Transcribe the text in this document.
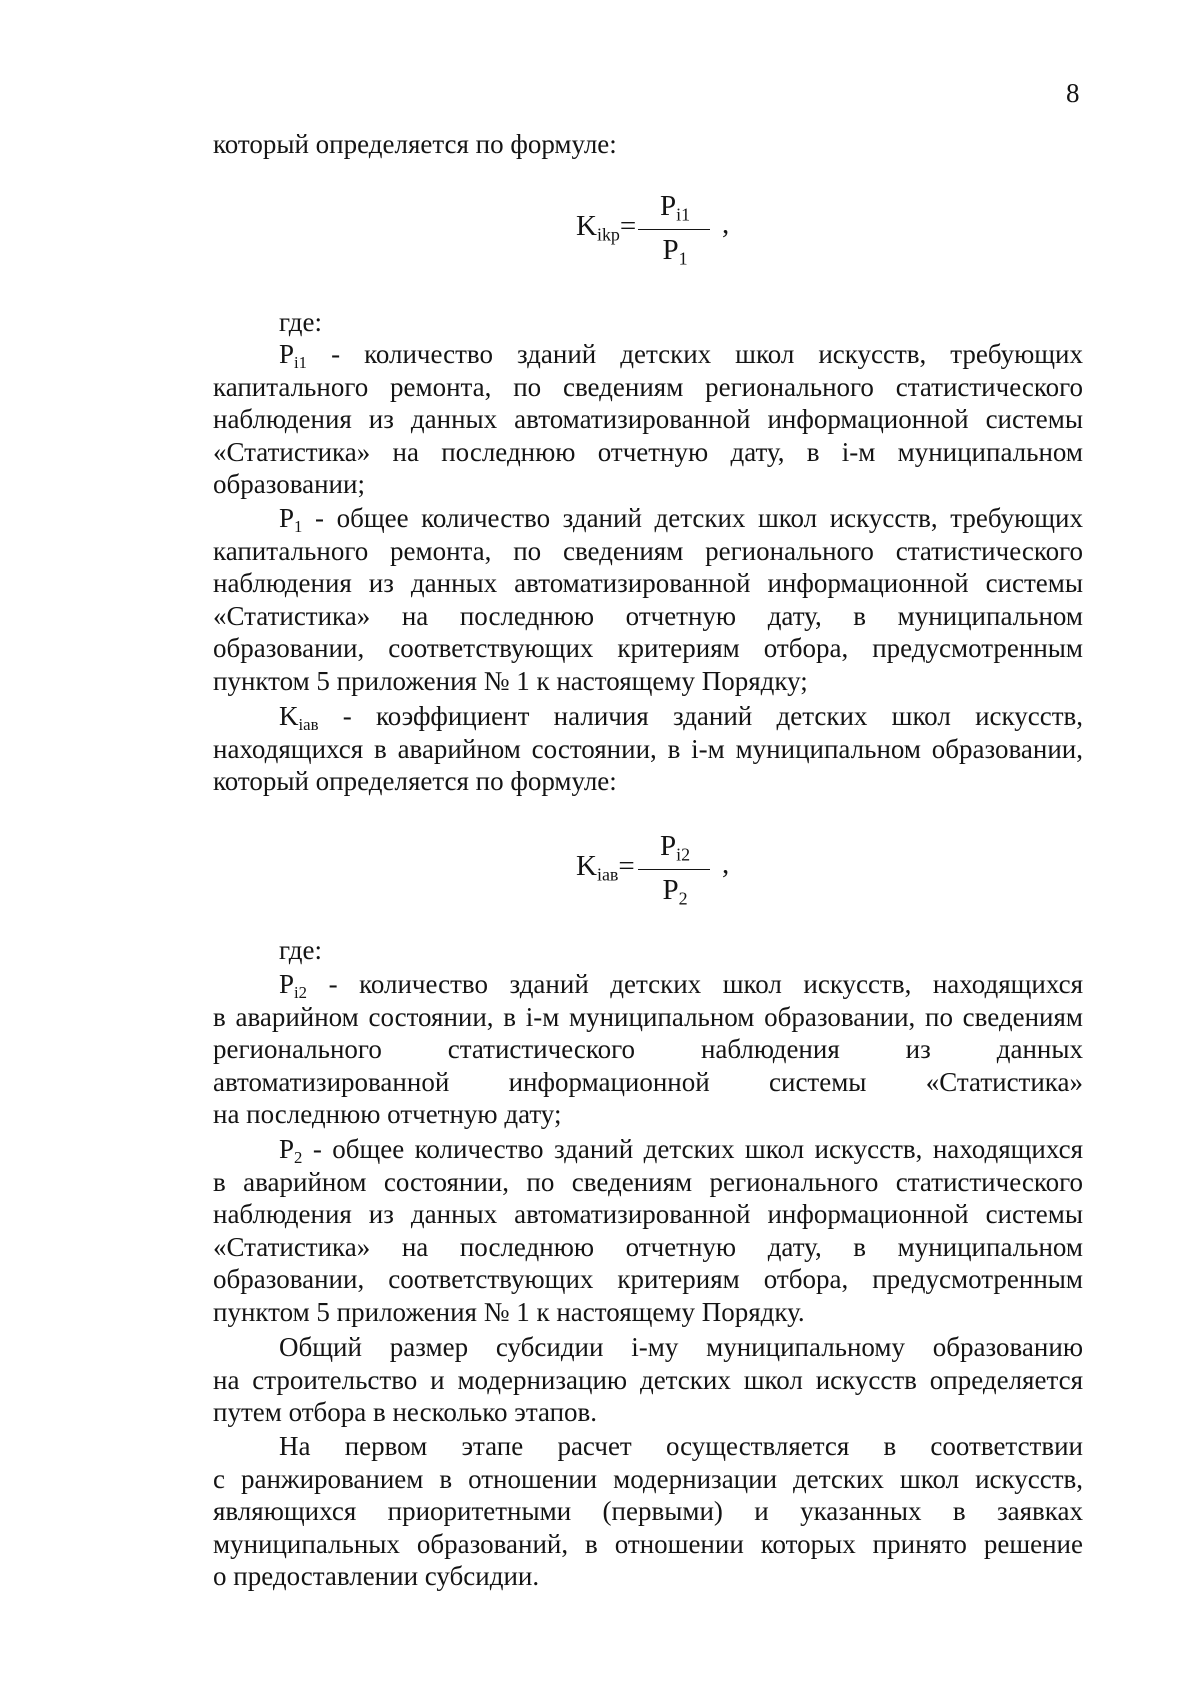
8
который определяется по формуле:
$K_{ikp}=$
$P_{i1}$
$P_1$
,
где:
$P_{i1}$ - количество зданий детских школ искусств, требующих
капитального ремонта, по сведениям регионального статистического
наблюдения из данных автоматизированной информационной системы
«Статистика» на последнюю отчетную дату, в i-м муниципальном
образовании;
$P_1$ - общее количество зданий детских школ искусств, требующих
капитального ремонта, по сведениям регионального статистического
наблюдения из данных автоматизированной информационной системы
«Статистика» на последнюю отчетную дату, в муниципальном
образовании, соответствующих критериям отбора, предусмотренным
пунктом 5 приложения № 1 к настоящему Порядку;
$K_{iaв}$ - коэффициент наличия зданий детских школ искусств,
находящихся в аварийном состоянии, в i-м муниципальном образовании,
который определяется по формуле:
$K_{iaв}=$
$P_{i2}$
$P_2$
,
где:
$P_{i2}$ - количество зданий детских школ искусств, находящихся
в аварийном состоянии, в i-м муниципальном образовании, по сведениям
регионального статистического наблюдения из данных
автоматизированной информационной системы «Статистика»
на последнюю отчетную дату;
$P_2$ - общее количество зданий детских школ искусств, находящихся
в аварийном состоянии, по сведениям регионального статистического
наблюдения из данных автоматизированной информационной системы
«Статистика» на последнюю отчетную дату, в муниципальном
образовании, соответствующих критериям отбора, предусмотренным
пунктом 5 приложения № 1 к настоящему Порядку.
Общий размер субсидии i-му муниципальному образованию
на строительство и модернизацию детских школ искусств определяется
путем отбора в несколько этапов.
На первом этапе расчет осуществляется в соответствии
с ранжированием в отношении модернизации детских школ искусств,
являющихся приоритетными (первыми) и указанных в заявках
муниципальных образований, в отношении которых принято решение
о предоставлении субсидии.
